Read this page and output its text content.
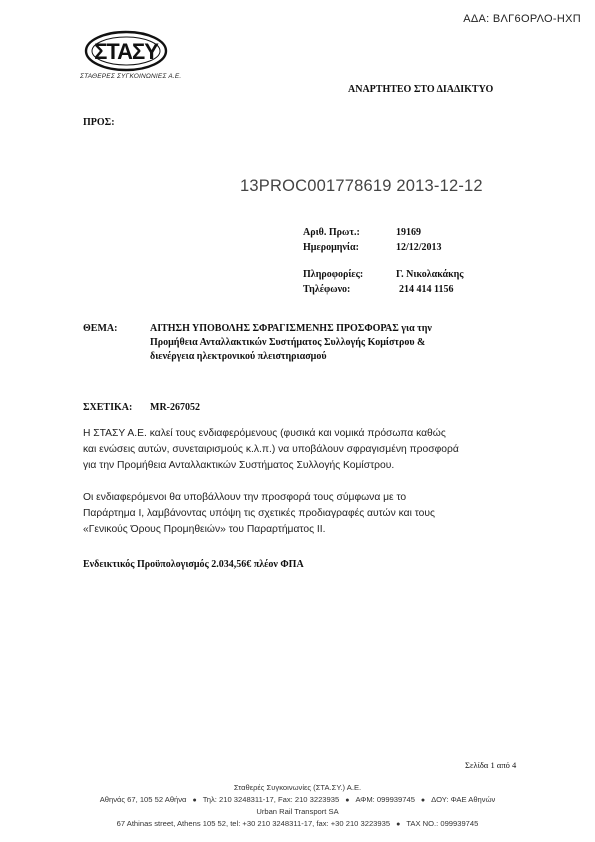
ΑΔΑ: ΒΛΓ6ΟΡΛΟ-ΗΧΠ
ΣΤΑΣΥ
ΣΤΑΘΕΡΕΣ ΣΥΓΚΟΙΝΩΝΙΕΣ Α.Ε.
ΑΝΑΡΤΗΤΕΟ ΣΤΟ ΔΙΑΔΙΚΤΥΟ
ΠΡΟΣ:
13PROC001778619 2013-12-12
Αριθ. Πρωτ.:	19169
Ημερομηνία:	12/12/2013
Πληροφορίες:	Γ. Νικολακάκης
Τηλέφωνο:	214 414 1156
ΘΕΜΑ:	ΑΙΤΗΣΗ ΥΠΟΒΟΛΗΣ ΣΦΡΑΓΙΣΜΕΝΗΣ ΠΡΟΣΦΟΡΑΣ για την
Προμήθεια Ανταλλακτικών Συστήματος Συλλογής Κομίστρου &
διενέργεια ηλεκτρονικού πλειστηριασμού
ΣΧΕΤΙΚΑ: MR-267052
Η ΣΤΑΣΥ Α.Ε. καλεί τους ενδιαφερόμενους (φυσικά και νομικά πρόσωπα καθώς
και ενώσεις αυτών, συνεταιρισμούς κ.λ.π.) να υποβάλουν σφραγισμένη προσφορά
για την Προμήθεια Ανταλλακτικών Συστήματος Συλλογής Κομίστρου.
Οι ενδιαφερόμενοι θα υποβάλλουν την προσφορά τους σύμφωνα με το
Παράρτημα Ι, λαμβάνοντας υπόψη τις σχετικές προδιαγραφές αυτών και τους
«Γενικούς Όρους Προμηθειών» του Παραρτήματος ΙΙ.
Ενδεικτικός Προϋπολογισμός 2.034,56€ πλέον ΦΠΑ
Σελίδα 1 από 4
Σταθερές Συγκοινωνίες (ΣΤΑ.ΣΥ.) Α.Ε.
Αθηνάς 67, 105 52 Αθήνα ● Τηλ: 210 3248311-17, Fax: 210 3223935 ● ΑΦΜ: 099939745 ● ΔΟΥ: ΦΑΕ Αθηνών
Urban Rail Transport SA
67 Athinas street, Athens 105 52, tel: +30 210 3248311-17, fax: +30 210 3223935 ● TAX NO.: 099939745
